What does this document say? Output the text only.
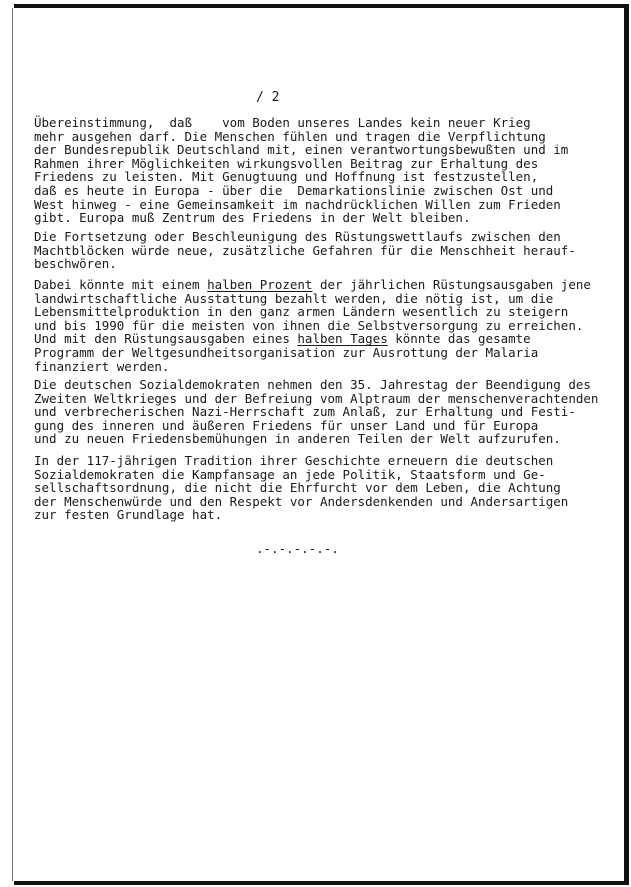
/ 2
Übereinstimmung,  daß    vom Boden unseres Landes kein neuer Krieg
mehr ausgehen darf. Die Menschen fühlen und tragen die Verpflichtung
der Bundesrepublik Deutschland mit, einen verantwortungsbewußten und im
Rahmen ihrer Möglichkeiten wirkungsvollen Beitrag zur Erhaltung des
Friedens zu leisten. Mit Genugtuung und Hoffnung ist festzustellen,
daß es heute in Europa - über die  Demarkationslinie zwischen Ost und
West hinweg - eine Gemeinsamkeit im nachdrücklichen Willen zum Frieden
gibt. Europa muß Zentrum des Friedens in der Welt bleiben.
Die Fortsetzung oder Beschleunigung des Rüstungswettlaufs zwischen den
Machtblöcken würde neue, zusätzliche Gefahren für die Menschheit herauf-
beschwören.
Dabei könnte mit einem halben Prozent der jährlichen Rüstungsausgaben jene
landwirtschaftliche Ausstattung bezahlt werden, die nötig ist, um die
Lebensmittelproduktion in den ganz armen Ländern wesentlich zu steigern
und bis 1990 für die meisten von ihnen die Selbstversorgung zu erreichen.
Und mit den Rüstungsausgaben eines halben Tages könnte das gesamte
Programm der Weltgesundheitsorganisation zur Ausrottung der Malaria
finanziert werden.
Die deutschen Sozialdemokraten nehmen den 35. Jahrestag der Beendigung des
Zweiten Weltkrieges und der Befreiung vom Alptraum der menschenverachtenden
und verbrecherischen Nazi-Herrschaft zum Anlaß, zur Erhaltung und Festi-
gung des inneren und äußeren Friedens für unser Land und für Europa
und zu neuen Friedensbemühungen in anderen Teilen der Welt aufzurufen.
In der 117-jährigen Tradition ihrer Geschichte erneuern die deutschen
Sozialdemokraten die Kampfansage an jede Politik, Staatsform und Ge-
sellschaftsordnung, die nicht die Ehrfurcht vor dem Leben, die Achtung
der Menschenwürde und den Respekt vor Andersdenkenden und Andersartigen
zur festen Grundlage hat.
.-.-.-.-.-.
